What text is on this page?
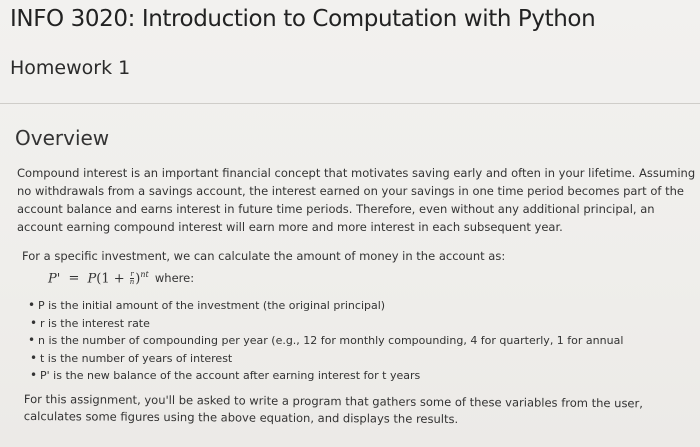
INFO 3020: Introduction to Computation with Python
Homework 1
Overview
Compound interest is an important financial concept that motivates saving early and often in your lifetime. Assuming no withdrawals from a savings account, the interest earned on your savings in one time period becomes part of the account balance and earns interest in future time periods. Therefore, even without any additional principal, an account earning compound interest will earn more and more interest in each subsequent year.
For a specific investment, we can calculate the amount of money in the account as:
$P' = P(1 + \frac{r}{n} )^{nt}$ where:
• P is the initial amount of the investment (the original principal)
• r is the interest rate
• n is the number of compounding per year (e.g., 12 for monthly compounding, 4 for quarterly, 1 for annual
• t is the number of years of interest
• P' is the new balance of the account after earning interest for t years
For this assignment, you'll be asked to write a program that gathers some of these variables from the user, calculates some figures using the above equation, and displays the results.
